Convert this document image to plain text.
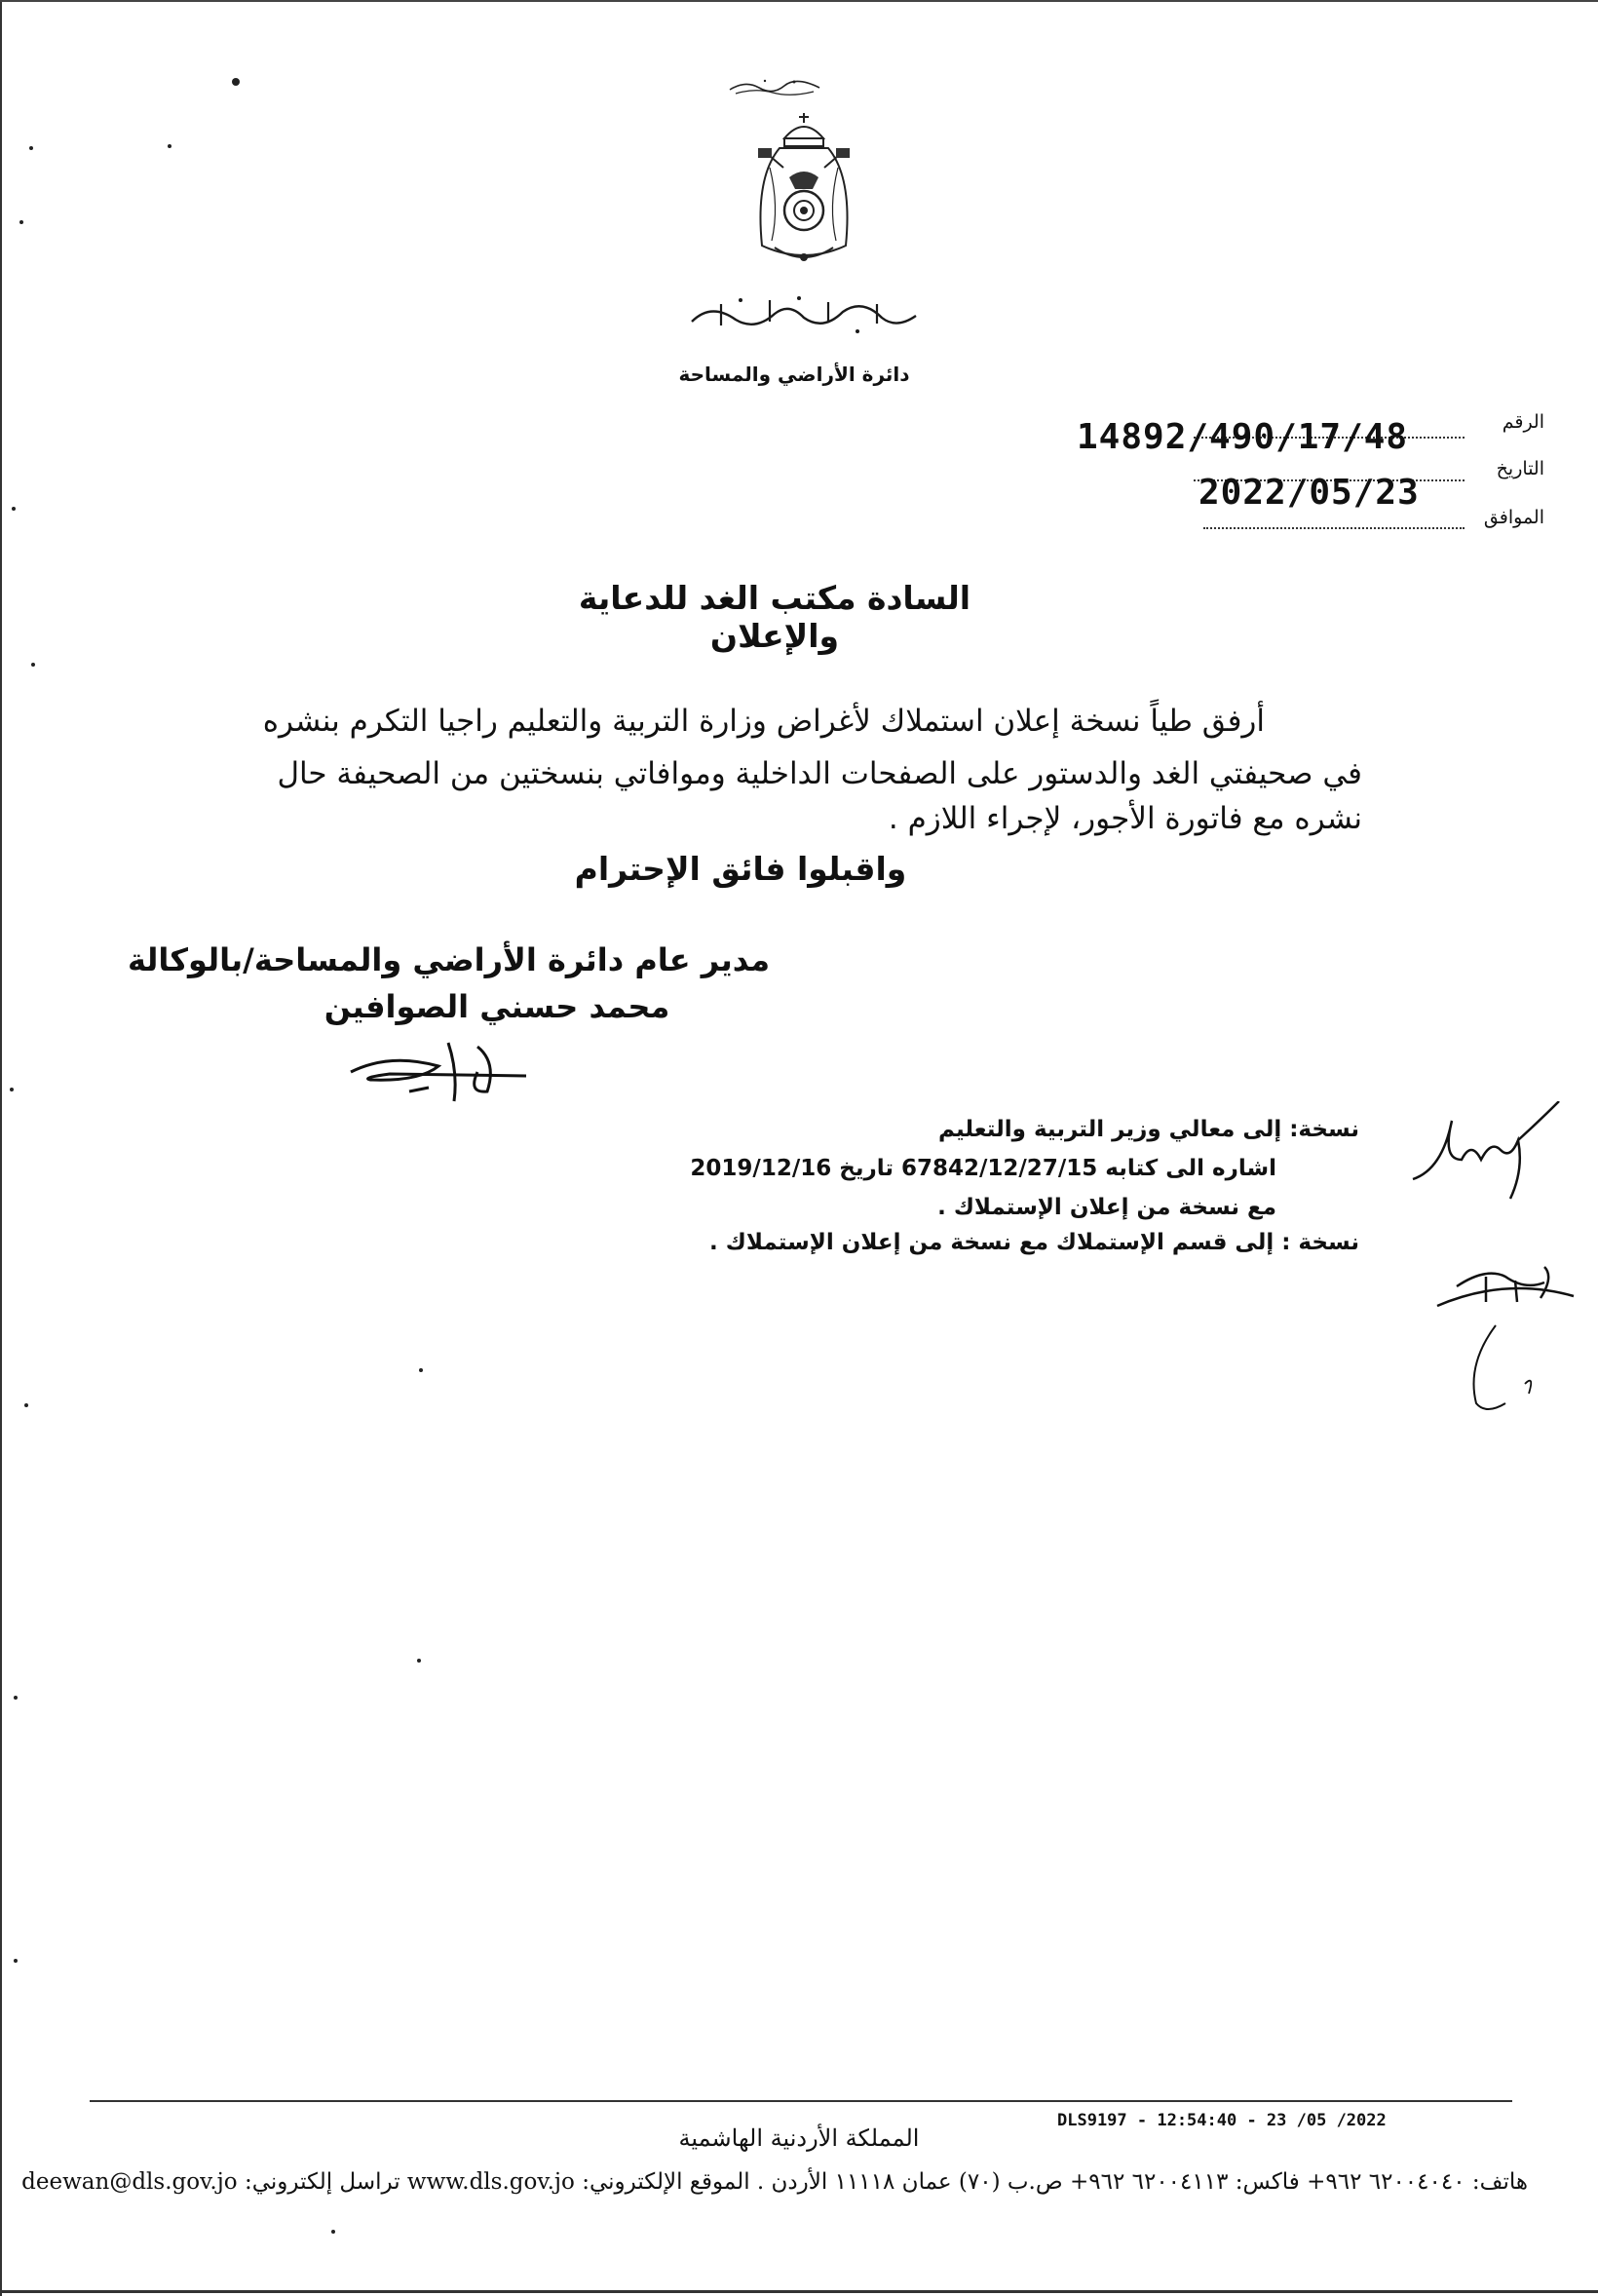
دائرة الأراضي والمساحة
الرقم
التاريخ
الموافق
14892/490/17/48
2022/05/23
السادة مكتب الغد للدعاية والإعلان
أرفق طياً نسخة إعلان استملاك لأغراض وزارة التربية والتعليم راجيا التكرم بنشره
في صحيفتي الغد والدستور على الصفحات الداخلية وموافاتي بنسختين من الصحيفة حال
نشره مع فاتورة الأجور، لإجراء اللازم .
واقبلوا فائق الإحترام
مدير عام دائرة الأراضي والمساحة/بالوكالة
محمد حسني الصوافين
نسخة: إلى معالي وزير التربية والتعليم
اشاره الى كتابه 67842/12/27/15 تاريخ 2019/12/16
مع نسخة من إعلان الإستملاك .
نسخة : إلى قسم الإستملاك مع نسخة من إعلان الإستملاك .
DLS9197 - 12:54:40 - 23 /05 /2022
المملكة الأردنية الهاشمية
هاتف: ٦٢٠٠٤٠٤٠ ٩٦٢+ فاكس: ٦٢٠٠٤١١٣ ٩٦٢+ ص.ب (٧٠) عمان ١١١١٨ الأردن . الموقع الإلكتروني: www.dls.gov.jo تراسل إلكتروني: deewan@dls.gov.jo
